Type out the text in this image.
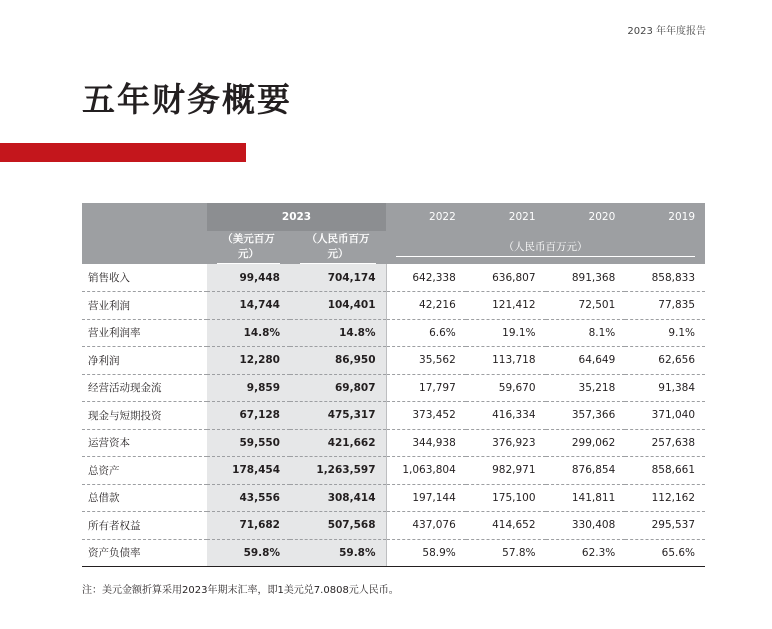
2023 年年度报告
五年财务概要
	2023		2022	2021	2020	2019

	（美元百万元）	（人民币百万元）	（人民币百万元）			

销售收入	99,448	704,174	642,338	636,807	891,368	858,833
营业利润	14,744	104,401	42,216	121,412	72,501	77,835
营业利润率	14.8%	14.8%	6.6%	19.1%	8.1%	9.1%
净利润	12,280	86,950	35,562	113,718	64,649	62,656
经营活动现金流	9,859	69,807	17,797	59,670	35,218	91,384
现金与短期投资	67,128	475,317	373,452	416,334	357,366	371,040
运营资本	59,550	421,662	344,938	376,923	299,062	257,638
总资产	178,454	1,263,597	1,063,804	982,971	876,854	858,661
总借款	43,556	308,414	197,144	175,100	141,811	112,162
所有者权益	71,682	507,568	437,076	414,652	330,408	295,537
资产负债率	59.8%	59.8%	58.9%	57.8%	62.3%	65.6%
注：美元金额折算采用2023年期末汇率，即1美元兑7.0808元人民币。
